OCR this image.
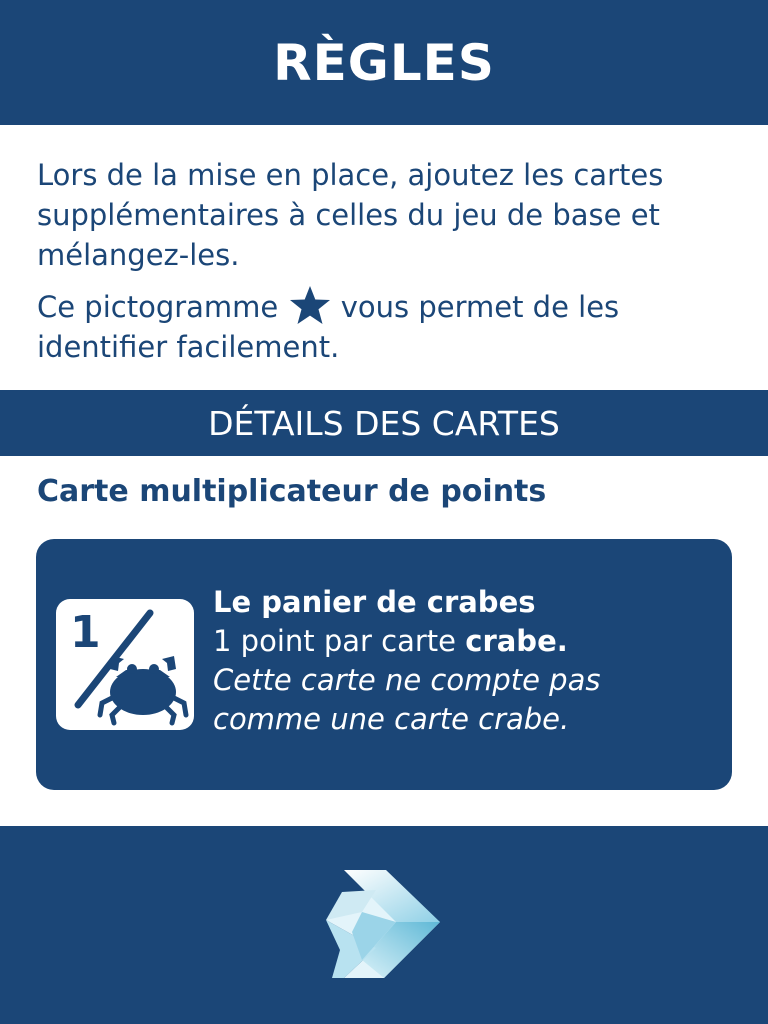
RÈGLES

Lors de la mise en place, ajoutez les cartes supplémentaires à celles du jeu de base et mélangez-les.

Ce pictogramme vous permet de les identifier facilement.

DÉTAILS DES CARTES
Carte multiplicateur de points
1
Le panier de crabes
1 point par carte crabe.
Cette carte ne compte pas comme une carte crabe.
